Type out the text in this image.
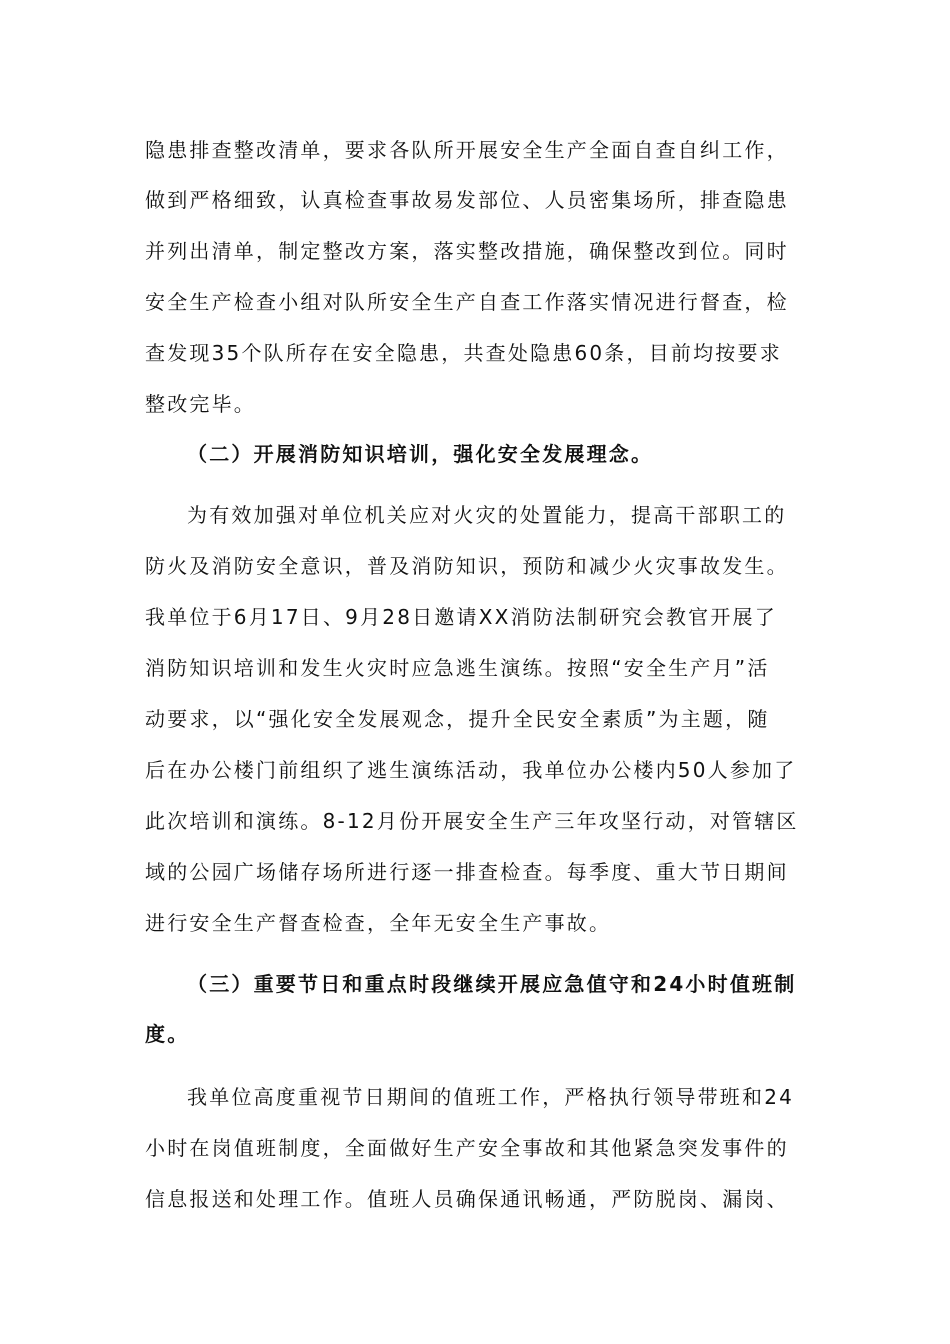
隐患排查整改清单，要求各队所开展安全生产全面自查自纠工作，
做到严格细致，认真检查事故易发部位、人员密集场所，排查隐患
并列出清单，制定整改方案，落实整改措施，确保整改到位。同时
安全生产检查小组对队所安全生产自查工作落实情况进行督查，检
查发现35个队所存在安全隐患，共查处隐患60条，目前均按要求
整改完毕。
（二）开展消防知识培训，强化安全发展理念。
为有效加强对单位机关应对火灾的处置能力，提高干部职工的
防火及消防安全意识，普及消防知识，预防和减少火灾事故发生。
我单位于6月17日、9月28日邀请XX消防法制研究会教官开展了
消防知识培训和发生火灾时应急逃生演练。按照“安全生产月”活
动要求，以“强化安全发展观念，提升全民安全素质”为主题，随
后在办公楼门前组织了逃生演练活动，我单位办公楼内50人参加了
此次培训和演练。8-12月份开展安全生产三年攻坚行动，对管辖区
域的公园广场储存场所进行逐一排查检查。每季度、重大节日期间
进行安全生产督查检查，全年无安全生产事故。
（三）重要节日和重点时段继续开展应急值守和24小时值班制
度。
我单位高度重视节日期间的值班工作，严格执行领导带班和24
小时在岗值班制度，全面做好生产安全事故和其他紧急突发事件的
信息报送和处理工作。值班人员确保通讯畅通，严防脱岗、漏岗、
